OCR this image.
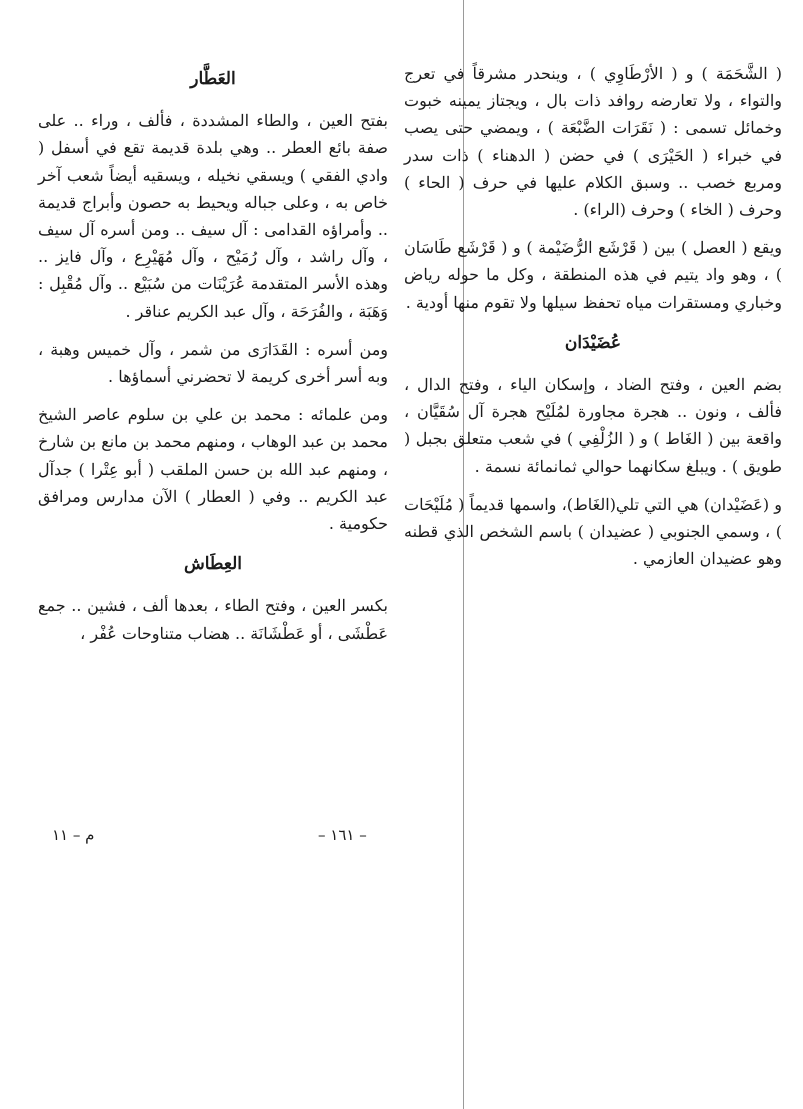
( الشَّحَمَة ) و ( الأرْطَاوِي ) ، وينحدر مشرقاً في تعرج والتواء ، ولا تعارضه روافد ذات بال ، ويجتاز يمينه خبوت وخمائل تسمى : ( نَقَرَات الضَّبْعَة ) ، ويمضي حتى يصب في خبراء ( الحَيْرَى ) في حضن ( الدهناء ) ذات سدر ومربع خصب .. وسبق الكلام عليها في حرف ( الحاء ) وحرف ( الخاء ) وحرف (الراء) .

ويقع ( العصل ) بين ( قَرْشَع الرُّضَيْمة ) و ( قَرْشَع طَاسَان ) ، وهو واد يتيم في هذه المنطقة ، وكل ما حوله رياض وخباري ومستقرات مياه تحفظ سيلها ولا تقوم منها أودية .

عُضَيْدَان

بضم العين ، وفتح الضاد ، وإسكان الياء ، وفتح الدال ، فألف ، ونون .. هجرة مجاورة لمُلَيْح هجرة آل سُقَيَّان ، واقعة بين ( الغَاط ) و ( الزُلْفِي ) في شعب متعلق بجبل ( طويق ) . ويبلغ سكانهما حوالي ثمانمائة نسمة .

و (عَضَيْدان) هي التي تلي(الغَاط)، واسمها قديماً ( مُلَيْحَات ) ، وسمي الجنوبي ( عضيدان ) باسم الشخص الذي قطنه وهو عضيدان العازمي .

العَطَّار

بفتح العين ، والطاء المشددة ، فألف ، وراء .. على صفة بائع العطر .. وهي بلدة قديمة تقع في أسفل ( وادي الفقي ) ويسقي نخيله ، ويسقيه أيضاً شعب آخر خاص به ، وعلى جباله ويحيط به حصون وأبراج قديمة .. وأمراؤه القدامى : آل سيف .. ومن أسره آل سيف ، وآل راشد ، وآل رُمَيْح ، وآل مُهَيْرِع ، وآل فايز .. وهذه الأسر المتقدمة عُرَيْنَات من سُبَيْع .. وآل مُقْبِل : وَهَبَة ، والفُرَحَة ، وآل عبد الكريم عناقر .

ومن أسره : القَدَارَى من شمر ، وآل خميس وهبة ، وبه أسر أخرى كريمة لا تحضرني أسماؤها .

ومن علمائه : محمد بن علي بن سلوم عاصر الشيخ محمد بن عبد الوهاب ، ومنهم محمد بن مانع بن شارخ ، ومنهم عبد الله بن حسن الملقب ( أبو عِتْرا ) جدآل عبد الكريم .. وفي ( العطار ) الآن مدارس ومرافق حكومية .

العِطَاش

بكسر العين ، وفتح الطاء ، بعدها ألف ، فشين .. جمع عَطْشَى ، أو عَطْشَانَة .. هضاب متناوحات عُفْر ،

م – ١١	– ١٦١ –
